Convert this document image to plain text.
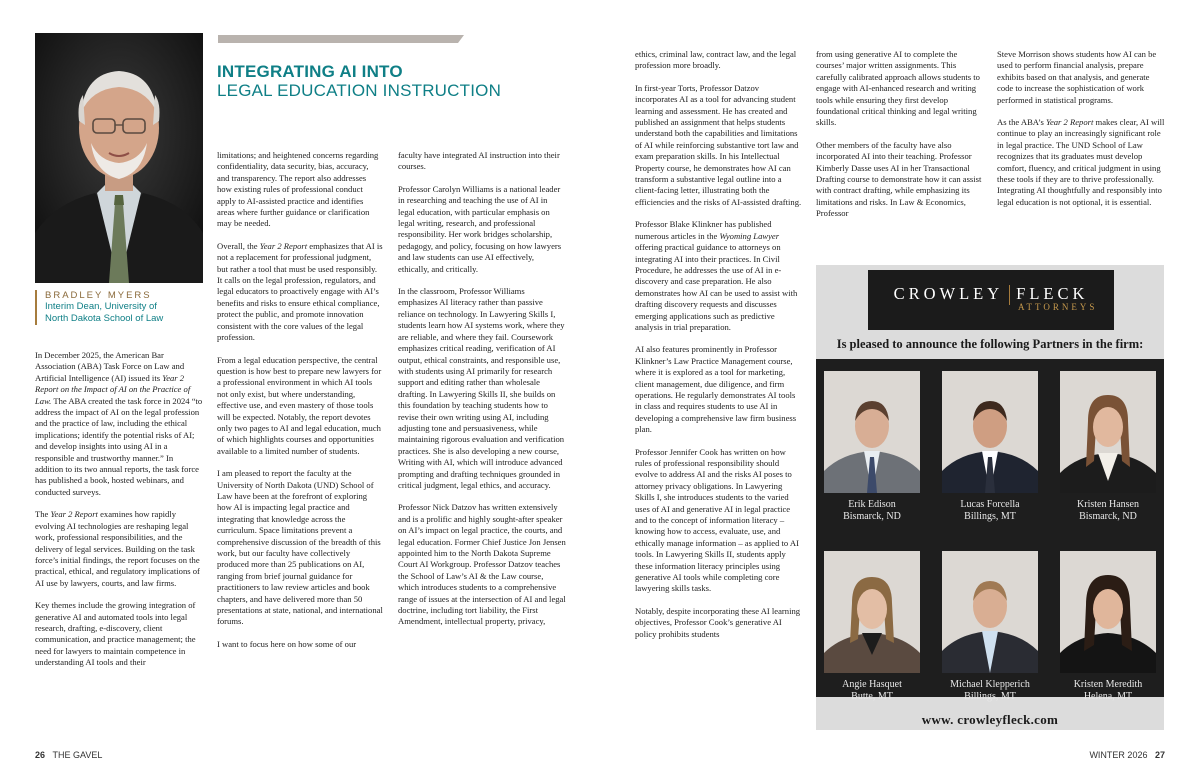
INTEGRATING AI INTO
LEGAL EDUCATION INSTRUCTION
BRADLEY MYERS
Interim Dean, University of
North Dakota School of Law

In December 2025, the American Bar Association (ABA) Task Force on Law and Artificial Intelligence (AI) issued its Year 2 Report on the Impact of AI on the Practice of Law. The ABA created the task force in 2024 “to address the impact of AI on the legal profession and the practice of law, including the ethical implications; identify the potential risks of AI; and develop insights into using AI in a responsible and trustworthy manner.” In addition to its two annual reports, the task force has published a book, hosted webinars, and conducted surveys.

The Year 2 Report examines how rapidly evolving AI technologies are reshaping legal work, professional responsibilities, and the delivery of legal services. Building on the task force’s initial findings, the report focuses on the practical, ethical, and regulatory implications of AI use by lawyers, courts, and law firms.

Key themes include the growing integration of generative AI and automated tools into legal research, drafting, e-discovery, client communication, and practice management; the need for lawyers to maintain competence in understanding AI tools and their

limitations; and heightened concerns regarding confidentiality, data security, bias, accuracy, and transparency. The report also addresses how existing rules of professional conduct apply to AI-assisted practice and identifies areas where further guidance or clarification may be needed.

Overall, the Year 2 Report emphasizes that AI is not a replacement for professional judgment, but rather a tool that must be used responsibly. It calls on the legal profession, regulators, and legal educators to proactively engage with AI’s benefits and risks to ensure ethical compliance, protect the public, and promote innovation consistent with the core values of the legal profession.

From a legal education perspective, the central question is how best to prepare new lawyers for a professional environment in which AI tools not only exist, but where understanding, effective use, and even mastery of those tools will be expected. Notably, the report devotes only two pages to AI and legal education, much of which highlights courses and opportunities available to a limited number of students.

I am pleased to report the faculty at the University of North Dakota (UND) School of Law have been at the forefront of exploring how AI is impacting legal practice and integrating that knowledge across the curriculum. Space limitations prevent a comprehensive discussion of the breadth of this work, but our faculty have collectively produced more than 25 publications on AI, ranging from brief journal guidance for practitioners to law review articles and book chapters, and have delivered more than 50 presentations at state, national, and international forums.

I want to focus here on how some of our

faculty have integrated AI instruction into their courses.

Professor Carolyn Williams is a national leader in researching and teaching the use of AI in legal education, with particular emphasis on legal writing, research, and professional responsibility. Her work bridges scholarship, pedagogy, and policy, focusing on how lawyers and law students can use AI effectively, ethically, and critically.

In the classroom, Professor Williams emphasizes AI literacy rather than passive reliance on technology. In Lawyering Skills I, students learn how AI systems work, where they are reliable, and where they fail. Coursework emphasizes critical reading, verification of AI output, ethical constraints, and responsible use, with students using AI primarily for research support and editing rather than wholesale drafting. In Lawyering Skills II, she builds on this foundation by teaching students how to revise their own writing using AI, including adjusting tone and persuasiveness, while maintaining rigorous evaluation and verification practices. She is also developing a new course, Writing with AI, which will introduce advanced prompting and drafting techniques grounded in critical judgment, legal ethics, and accuracy.

Professor Nick Datzov has written extensively and is a prolific and highly sought-after speaker on AI’s impact on legal practice, the courts, and legal education. Former Chief Justice Jon Jensen appointed him to the North Dakota Supreme Court AI Workgroup. Professor Datzov teaches the School of Law’s AI & the Law course, which introduces students to a comprehensive range of issues at the intersection of AI and legal doctrine, including tort liability, the First Amendment, intellectual property, privacy,

ethics, criminal law, contract law, and the legal profession more broadly.

In first-year Torts, Professor Datzov incorporates AI as a tool for advancing student learning and assessment. He has created and published an assignment that helps students understand both the capabilities and limitations of AI while reinforcing substantive tort law and exam preparation skills. In his Intellectual Property course, he demonstrates how AI can transform a substantive legal outline into a client-facing letter, illustrating both the efficiencies and the risks of AI-assisted drafting.

Professor Blake Klinkner has published numerous articles in the Wyoming Lawyer offering practical guidance to attorneys on integrating AI into their practices. In Civil Procedure, he addresses the use of AI in e-discovery and case preparation. He also demonstrates how AI can be used to assist with drafting discovery requests and discusses emerging applications such as predictive analysis in trial preparation.

AI also features prominently in Professor Klinkner’s Law Practice Management course, where it is explored as a tool for marketing, client management, due diligence, and firm operations. He regularly demonstrates AI tools in class and requires students to use AI in developing a comprehensive law firm business plan.

Professor Jennifer Cook has written on how rules of professional responsibility should evolve to address AI and the risks AI poses to attorney privacy obligations. In Lawyering Skills I, she introduces students to the varied uses of AI and generative AI in legal practice and to the concept of information literacy – knowing how to access, evaluate, use, and ethically manage information – as applied to AI tools. In Lawyering Skills II, students apply these information literacy principles using generative AI tools while completing core lawyering skills tasks.

Notably, despite incorporating these AI learning objectives, Professor Cook’s generative AI policy prohibits students

from using generative AI to complete the courses’ major written assignments. This carefully calibrated approach allows students to engage with AI-enhanced research and writing tools while ensuring they first develop foundational critical thinking and legal writing skills.

Other members of the faculty have also incorporated AI into their teaching. Professor Kimberly Dasse uses AI in her Transactional Drafting course to demonstrate how it can assist with contract drafting, while emphasizing its limitations and risks. In Law & Economics, Professor

Steve Morrison shows students how AI can be used to perform financial analysis, prepare exhibits based on that analysis, and generate code to increase the sophistication of work performed in statistical programs.

As the ABA’s Year 2 Report makes clear, AI will continue to play an increasingly significant role in legal practice. The UND School of Law recognizes that its graduates must develop comfort, fluency, and critical judgment in using these tools if they are to thrive professionally. Integrating AI thoughtfully and responsibly into legal education is not optional, it is essential.

CROWLEY FLECK
ATTORNEYS
Is pleased to announce the following Partners in the firm:
Erik Edison
Bismarck, ND
Lucas Forcella
Billings, MT
Kristen Hansen
Bismarck, ND
Angie Hasquet
Butte, MT
Michael Klepperich
Billings, MT
Kristen Meredith
Helena, MT
www. crowleyfleck.com
26 THE GAVEL	WINTER 2026 27
